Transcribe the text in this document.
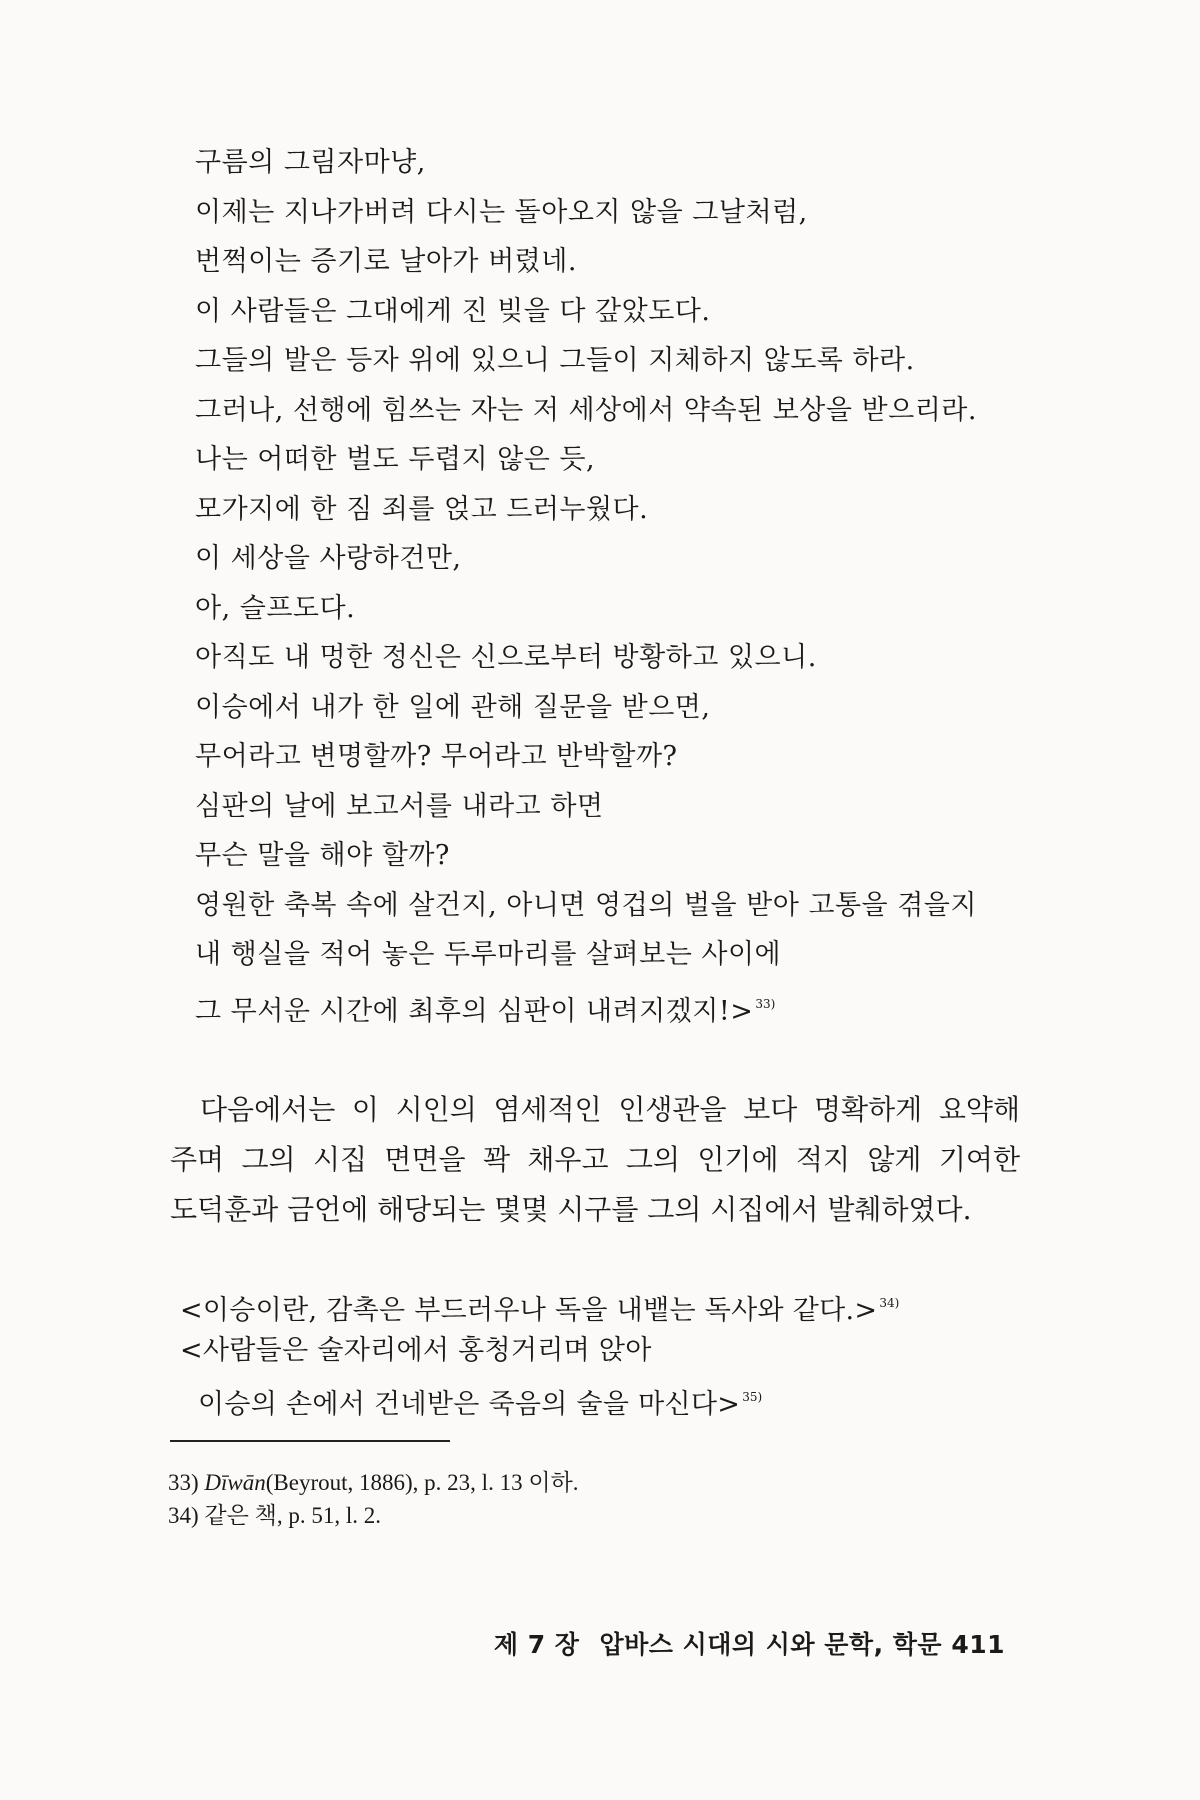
구름의 그림자마냥,
이제는 지나가버려 다시는 돌아오지 않을 그날처럼,
번쩍이는 증기로 날아가 버렸네.
이 사람들은 그대에게 진 빚을 다 갚았도다.
그들의 발은 등자 위에 있으니 그들이 지체하지 않도록 하라.
그러나, 선행에 힘쓰는 자는 저 세상에서 약속된 보상을 받으리라.
나는 어떠한 벌도 두렵지 않은 듯,
모가지에 한 짐 죄를 얹고 드러누웠다.
이 세상을 사랑하건만,
아, 슬프도다.
아직도 내 멍한 정신은 신으로부터 방황하고 있으니.
이승에서 내가 한 일에 관해 질문을 받으면,
무어라고 변명할까? 무어라고 반박할까?
심판의 날에 보고서를 내라고 하면
무슨 말을 해야 할까?
영원한 축복 속에 살건지, 아니면 영겁의 벌을 받아 고통을 겪을지
내 행실을 적어 놓은 두루마리를 살펴보는 사이에
그 무서운 시간에 최후의 심판이 내려지겠지!> $^{33)}$
다음에서는 이 시인의 염세적인 인생관을 보다 명확하게 요약해
주며 그의 시집 면면을 꽉 채우고 그의 인기에 적지 않게 기여한
도덕훈과 금언에 해당되는 몇몇 시구를 그의 시집에서 발췌하였다.
<이승이란, 감촉은 부드러우나 독을 내뱉는 독사와 같다.> $^{34)}$
<사람들은 술자리에서 홍청거리며 앉아
이승의 손에서 건네받은 죽음의 술을 마신다> $^{35)}$
33) Dīwān(Beyrout, 1886), p. 23, l. 13 이하.
34) 같은 책, p. 51, l. 2.
제 7 장 압바스 시대의 시와 문학, 학문 411
